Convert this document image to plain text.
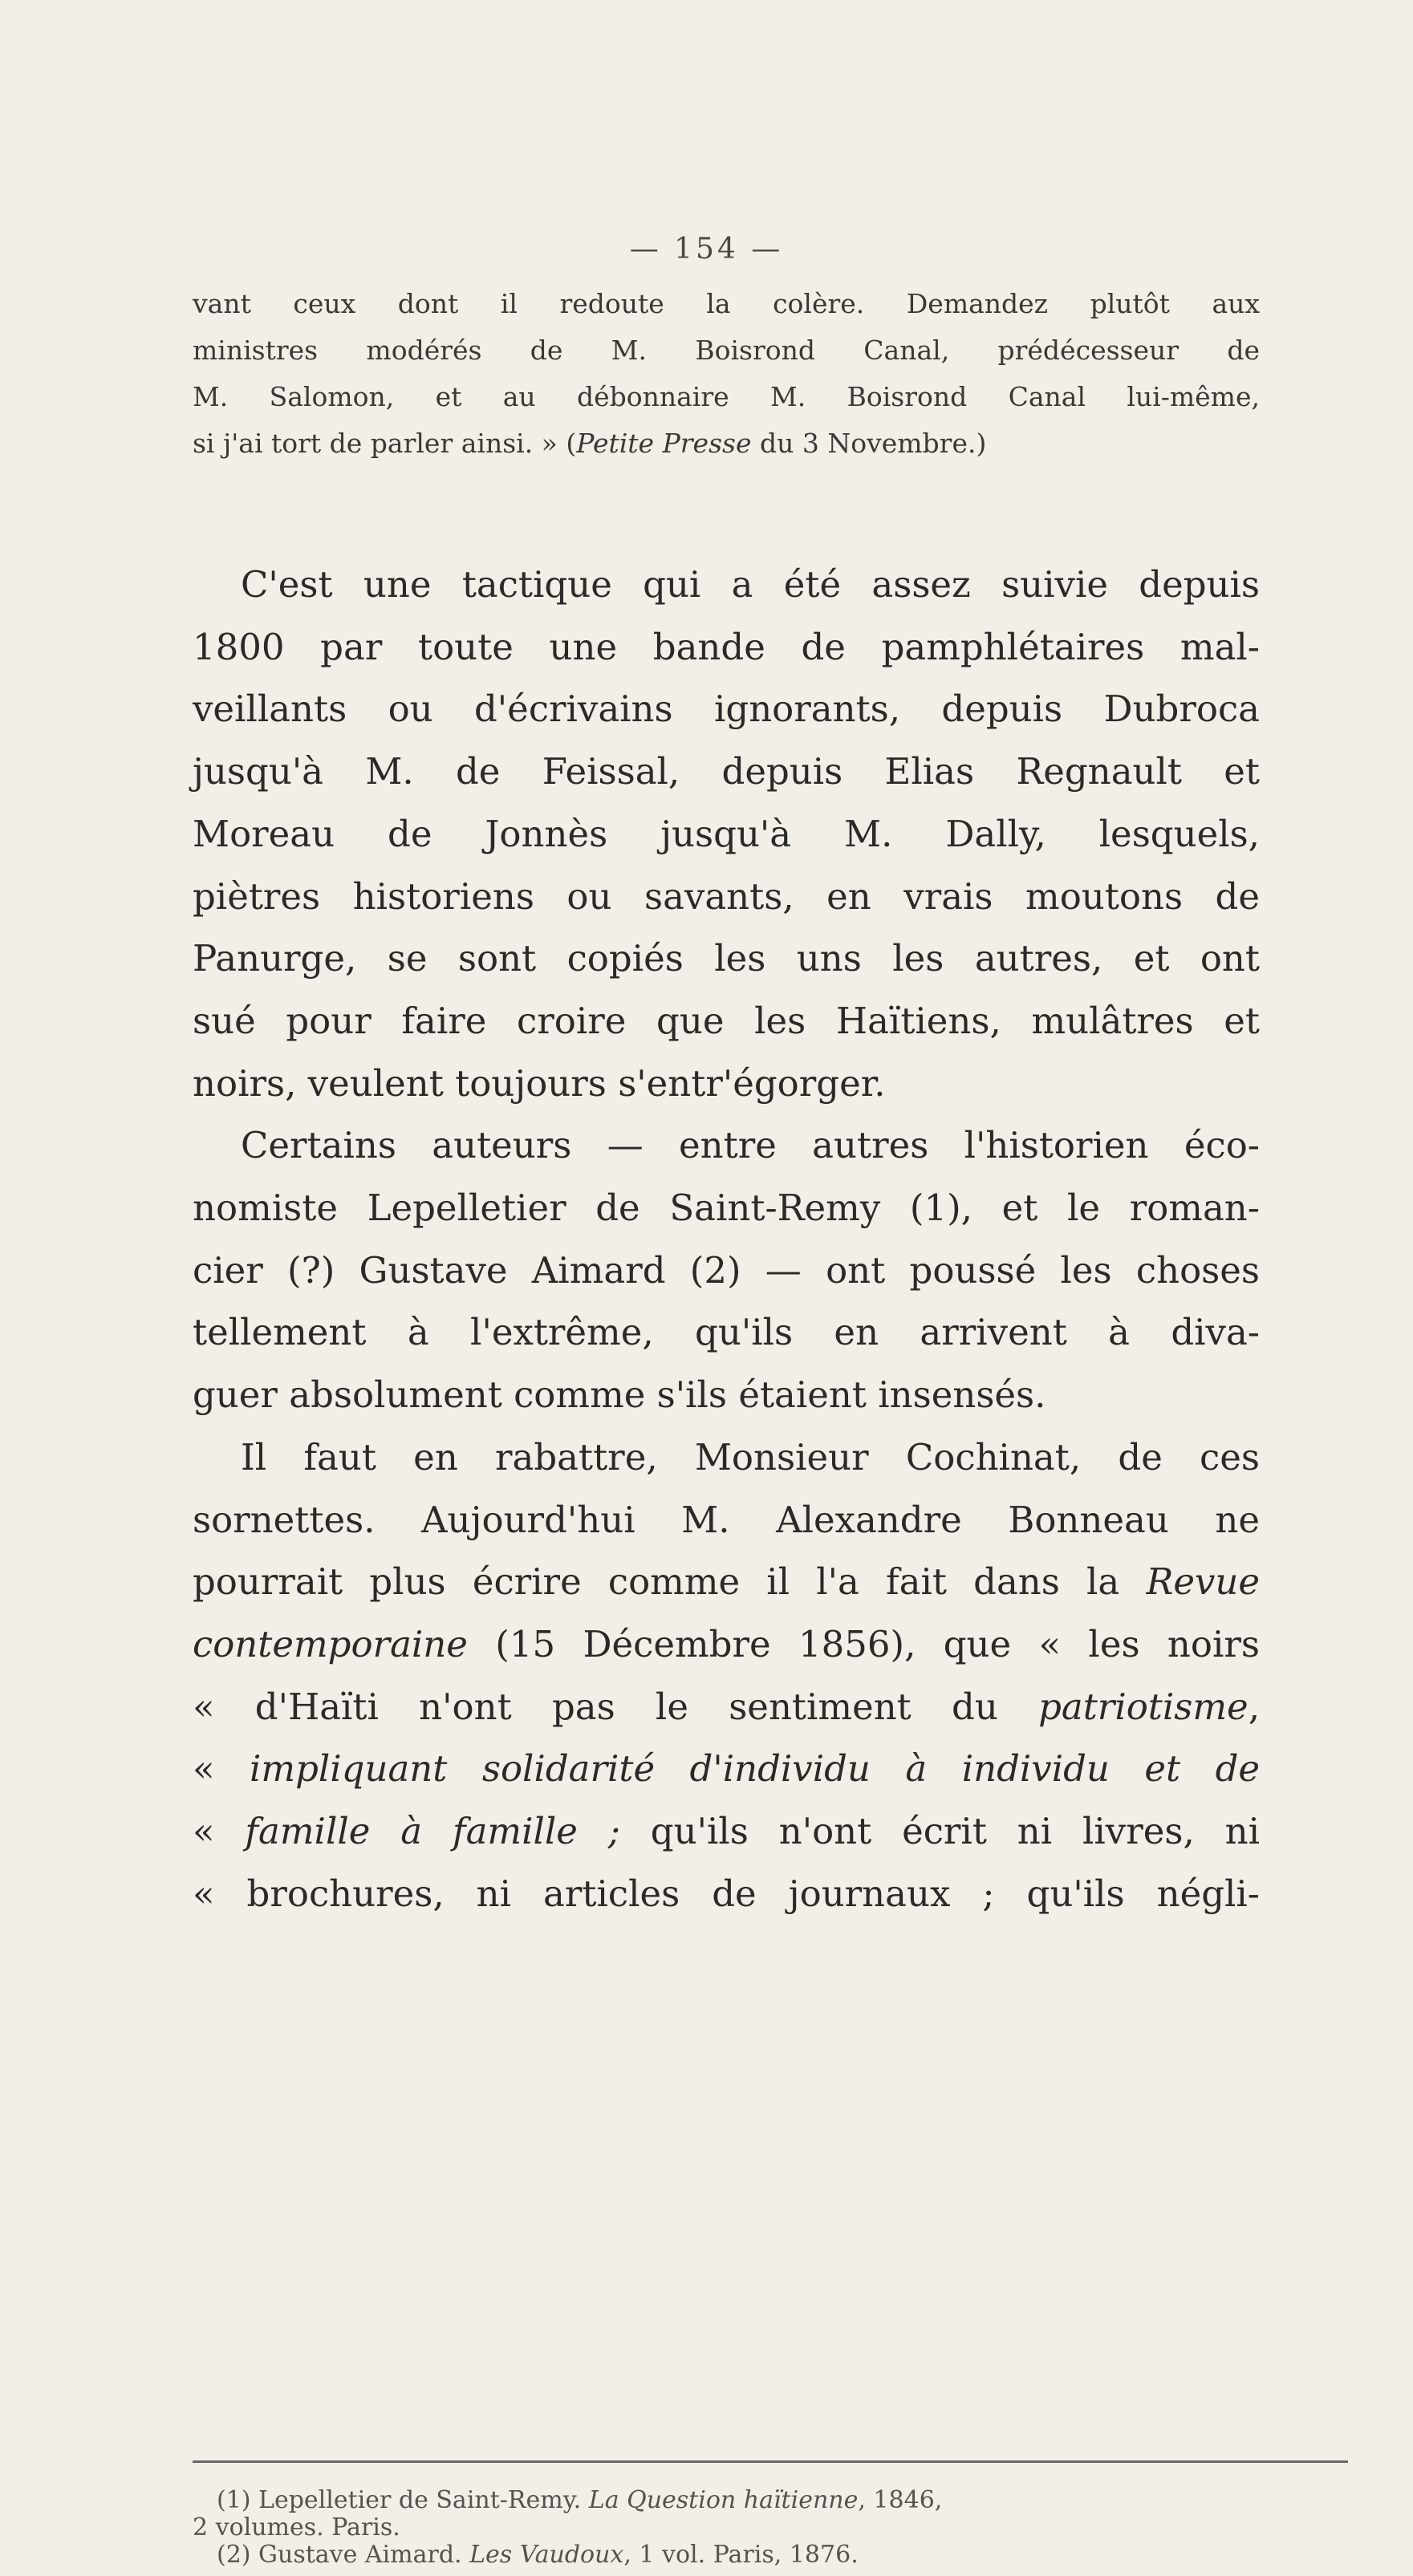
— 154 —
vant ceux dont il redoute la colère. Demandez plutôt aux
ministres modérés de M. Boisrond Canal, prédécesseur de
M. Salomon, et au débonnaire M. Boisrond Canal lui-même,
si j'ai tort de parler ainsi. » (Petite Presse du 3 Novembre.)
C'est une tactique qui a été assez suivie depuis
1800 par toute une bande de pamphlétaires mal-
veillants ou d'écrivains ignorants, depuis Dubroca
jusqu'à M. de Feissal, depuis Elias Regnault et
Moreau de Jonnès jusqu'à M. Dally, lesquels,
piètres historiens ou savants, en vrais moutons de
Panurge, se sont copiés les uns les autres, et ont
sué pour faire croire que les Haïtiens, mulâtres et
noirs, veulent toujours s'entr'égorger.
Certains auteurs — entre autres l'historien éco-
nomiste Lepelletier de Saint-Remy (1), et le roman-
cier (?) Gustave Aimard (2) — ont poussé les choses
tellement à l'extrême, qu'ils en arrivent à diva-
guer absolument comme s'ils étaient insensés.
Il faut en rabattre, Monsieur Cochinat, de ces
sornettes. Aujourd'hui M. Alexandre Bonneau ne
pourrait plus écrire comme il l'a fait dans la Revue
contemporaine (15 Décembre 1856), que « les noirs
« d'Haïti n'ont pas le sentiment du patriotisme,
« impliquant solidarité d'individu à individu et de
« famille à famille ; qu'ils n'ont écrit ni livres, ni
« brochures, ni articles de journaux ; qu'ils négli-
(1) Lepelletier de Saint-Remy. La Question haïtienne, 1846,
2 volumes. Paris.
(2) Gustave Aimard. Les Vaudoux, 1 vol. Paris, 1876.
